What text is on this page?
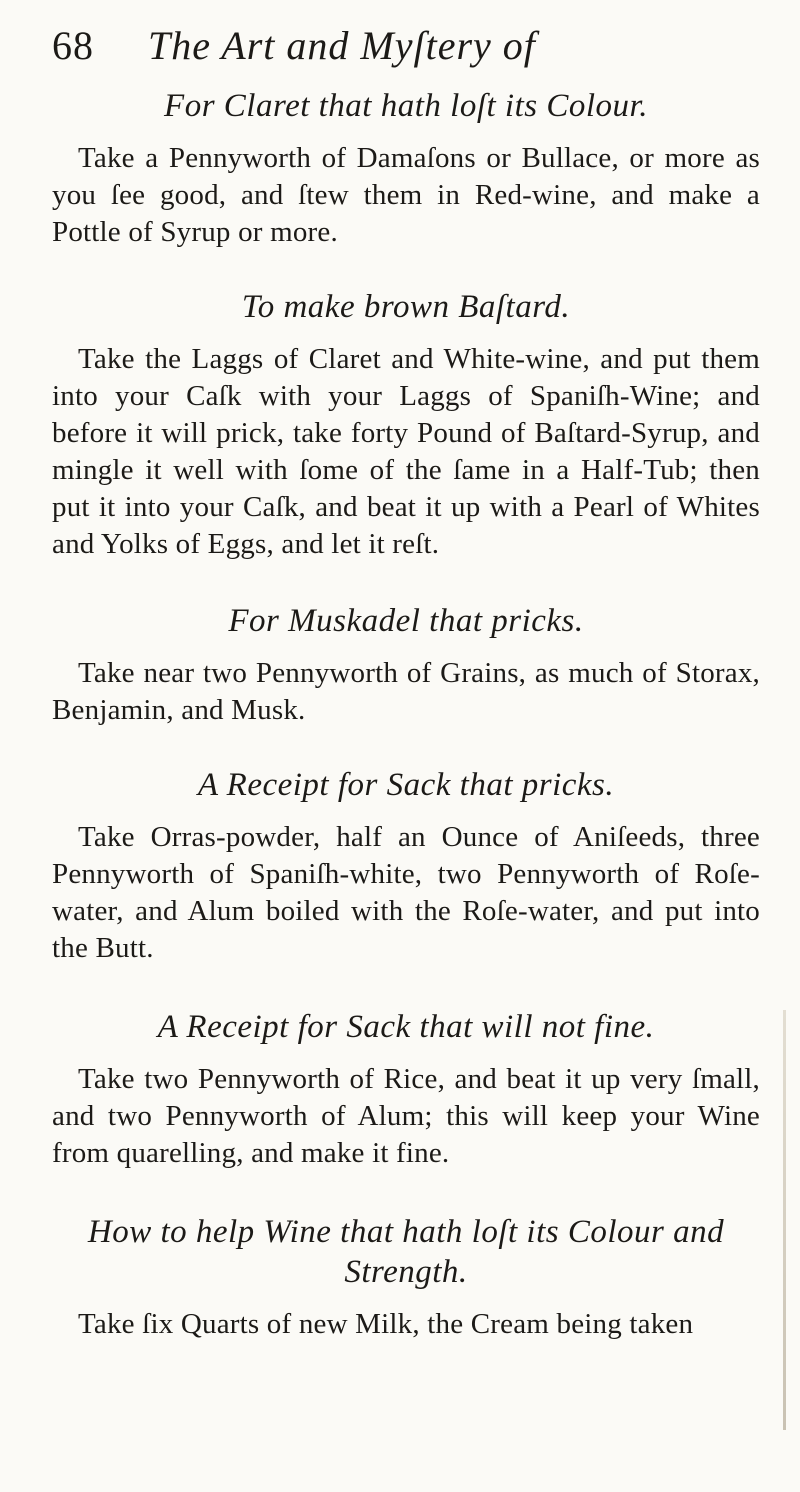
68 The Art and Myſtery of
For Claret that hath loſt its Colour.

Take a Pennyworth of Damaſons or Bullace, or more as you ſee good, and ſtew them in Red-wine, and make a Pottle of Syrup or more.

To make brown Baſtard.

Take the Laggs of Claret and White-wine, and put them into your Caſk with your Laggs of Spaniſh-Wine; and before it will prick, take forty Pound of Baſtard-Syrup, and mingle it well with ſome of the ſame in a Half-Tub; then put it into your Caſk, and beat it up with a Pearl of Whites and Yolks of Eggs, and let it reſt.

For Muskadel that pricks.

Take near two Pennyworth of Grains, as much of Storax, Benjamin, and Musk.

A Receipt for Sack that pricks.

Take Orras-powder, half an Ounce of Aniſeeds, three Pennyworth of Spaniſh-white, two Pennyworth of Roſe-water, and Alum boiled with the Roſe-water, and put into the Butt.

A Receipt for Sack that will not fine.

Take two Pennyworth of Rice, and beat it up very ſmall, and two Pennyworth of Alum; this will keep your Wine from quarelling, and make it fine.

How to help Wine that hath loſt its Colour and Strength.

Take ſix Quarts of new Milk, the Cream being taken
